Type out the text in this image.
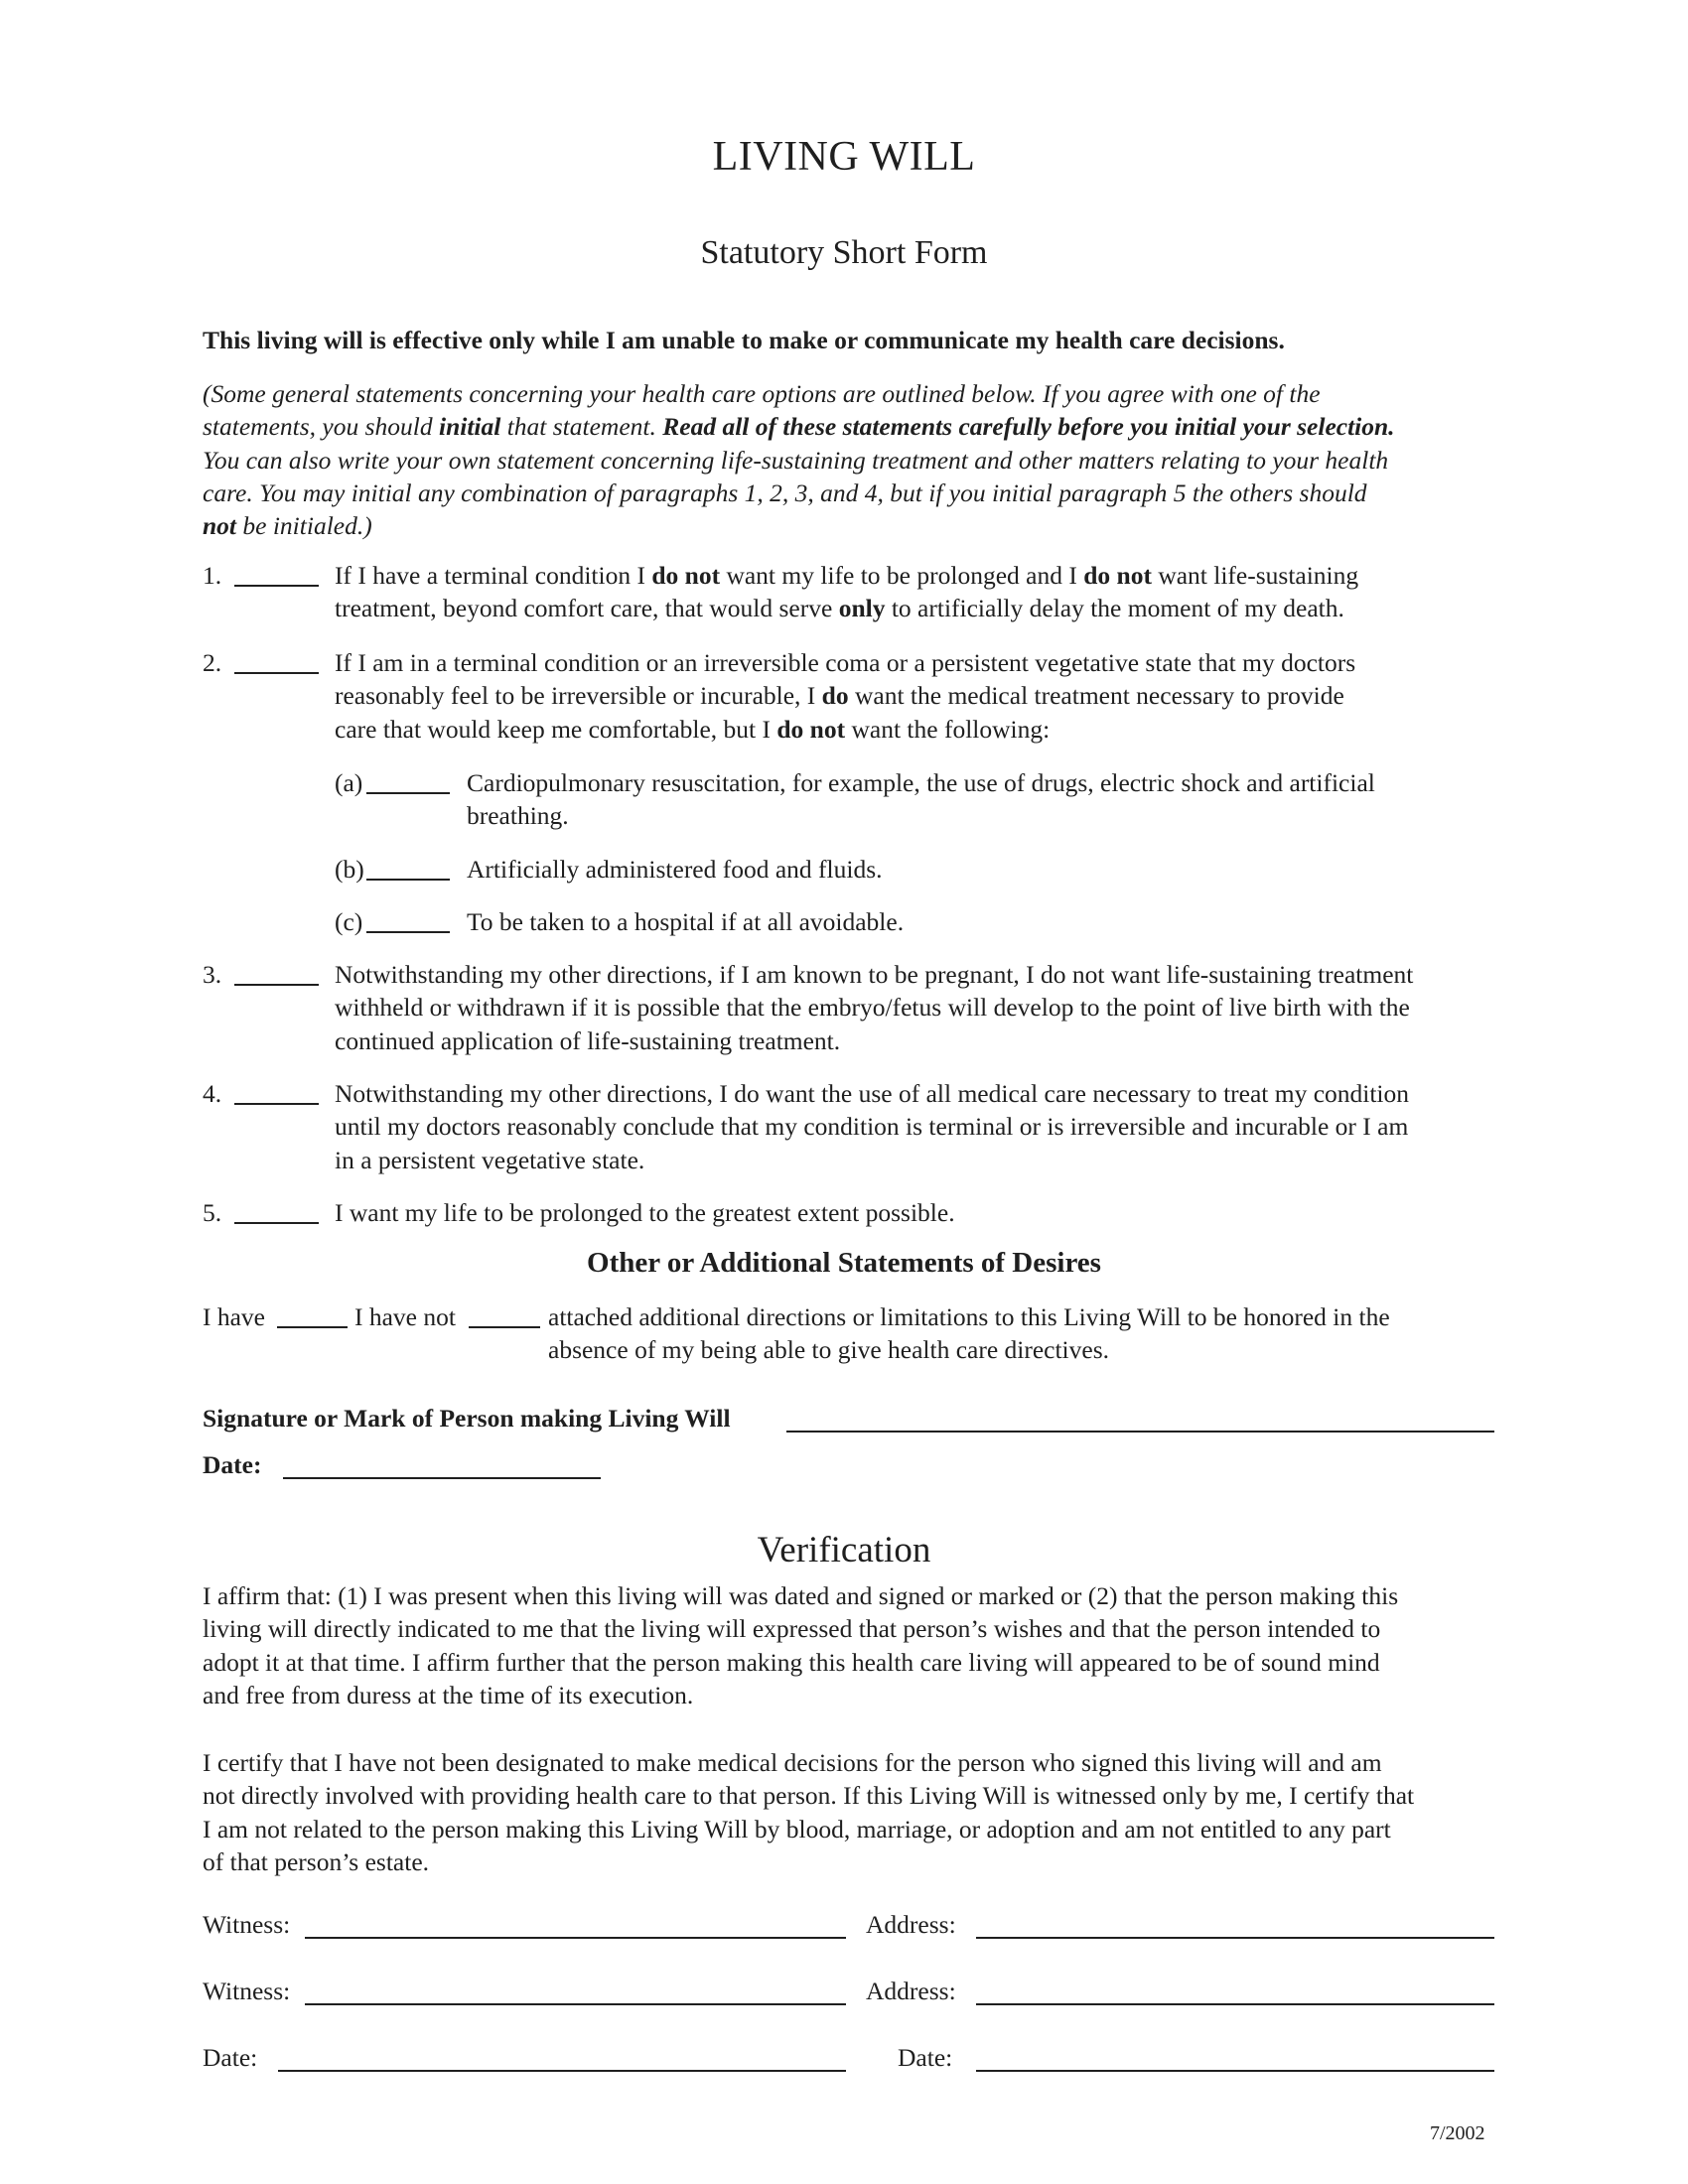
LIVING WILL
Statutory Short Form
This living will is effective only while I am unable to make or communicate my health care decisions.

(Some general statements concerning your health care options are outlined below. If you agree with one of the

statements, you should initial that statement. Read all of these statements carefully before you initial your selection.

You can also write your own statement concerning life-sustaining treatment and other matters relating to your health

care. You may initial any combination of paragraphs 1, 2, 3, and 4, but if you initial paragraph 5 the others should

not be initialed.)

1.	If I have a terminal condition I do not want my life to be prolonged and I do not want life-sustaining
treatment, beyond comfort care, that would serve only to artificially delay the moment of my death.
2.	If I am in a terminal condition or an irreversible coma or a persistent vegetative state that my doctors
reasonably feel to be irreversible or incurable, I do want the medical treatment necessary to provide
care that would keep me comfortable, but I do not want the following:
(a)	Cardiopulmonary resuscitation, for example, the use of drugs, electric shock and artificial
breathing.
(b)	Artificially administered food and fluids.
(c)	To be taken to a hospital if at all avoidable.
3.	Notwithstanding my other directions, if I am known to be pregnant, I do not want life-sustaining treatment
withheld or withdrawn if it is possible that the embryo/fetus will develop to the point of live birth with the
continued application of life-sustaining treatment.
4.	Notwithstanding my other directions, I do want the use of all medical care necessary to treat my condition
until my doctors reasonably conclude that my condition is terminal or is irreversible and incurable or I am
in a persistent vegetative state.
5.	I want my life to be prolonged to the greatest extent possible.
Other or Additional Statements of Desires
I have	I have not	attached additional directions or limitations to this Living Will to be honored in the
absence of my being able to give health care directives.
Signature or Mark of Person making Living Will
Date:
Verification
I affirm that: (1) I was present when this living will was dated and signed or marked or (2) that the person making this
living will directly indicated to me that the living will expressed that person’s wishes and that the person intended to
adopt it at that time. I affirm further that the person making this health care living will appeared to be of sound mind
and free from duress at the time of its execution.
I certify that I have not been designated to make medical decisions for the person who signed this living will and am
not directly involved with providing health care to that person. If this Living Will is witnessed only by me, I certify that
I am not related to the person making this Living Will by blood, marriage, or adoption and am not entitled to any part
of that person’s estate.
Witness:	Address:
Witness:	Address:
Date:	Date:
7/2002
